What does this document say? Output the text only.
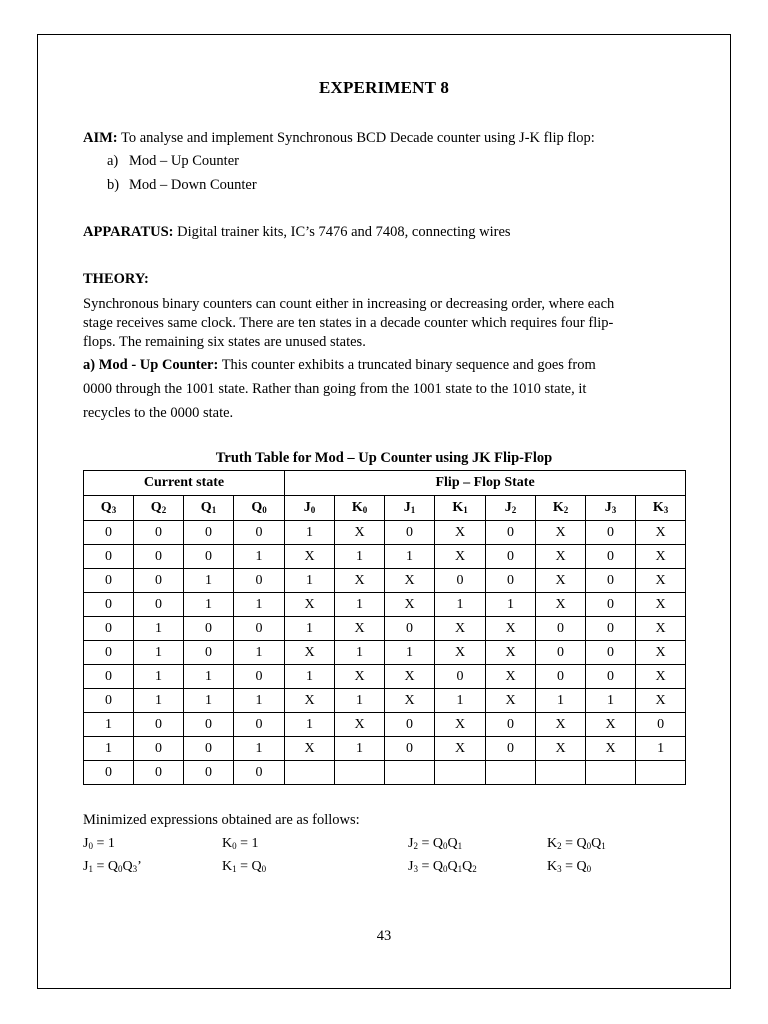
EXPERIMENT 8
AIM: To analyse and implement Synchronous BCD Decade counter using J-K flip flop:
a) Mod – Up Counter
b) Mod – Down Counter
APPARATUS: Digital trainer kits, IC’s 7476 and 7408, connecting wires
THEORY:
Synchronous binary counters can count either in increasing or decreasing order, where each
stage receives same clock. There are ten states in a decade counter which requires four flip-
flops. The remaining six states are unused states.
a) Mod - Up Counter: This counter exhibits a truncated binary sequence and goes from
0000 through the 1001 state. Rather than going from the 1001 state to the 1010 state, it
recycles to the 0000 state.
Truth Table for Mod – Up Counter using JK Flip-Flop
Current state				Flip – Flop State							
$Q_3$	$Q_2$	$Q_1$	$Q_0$	$J_0$	$K_0$	$J_1$	$K_1$	$J_2$	$K_2$	$J_3$	$K_3$
0	0	0	0	1	X	0	X	0	X	0	X
0	0	0	1	X	1	1	X	0	X	0	X
0	0	1	0	1	X	X	0	0	X	0	X
0	0	1	1	X	1	X	1	1	X	0	X
0	1	0	0	1	X	0	X	X	0	0	X
0	1	0	1	X	1	1	X	X	0	0	X
0	1	1	0	1	X	X	0	X	0	0	X
0	1	1	1	X	1	X	1	X	1	1	X
1	0	0	0	1	X	0	X	0	X	X	0
1	0	0	1	X	1	0	X	0	X	X	1
0	0	0	0								
Minimized expressions obtained are as follows:
$J_0 = 1$	$K_0 = 1$	$J_2 = Q_0Q_1$	$K_2 = Q_0Q_1$
$J_1 = Q_0Q_3$’	$K_1 = Q_0$	$J_3 = Q_0Q_1Q_2$	$K_3 = Q_0$
43
